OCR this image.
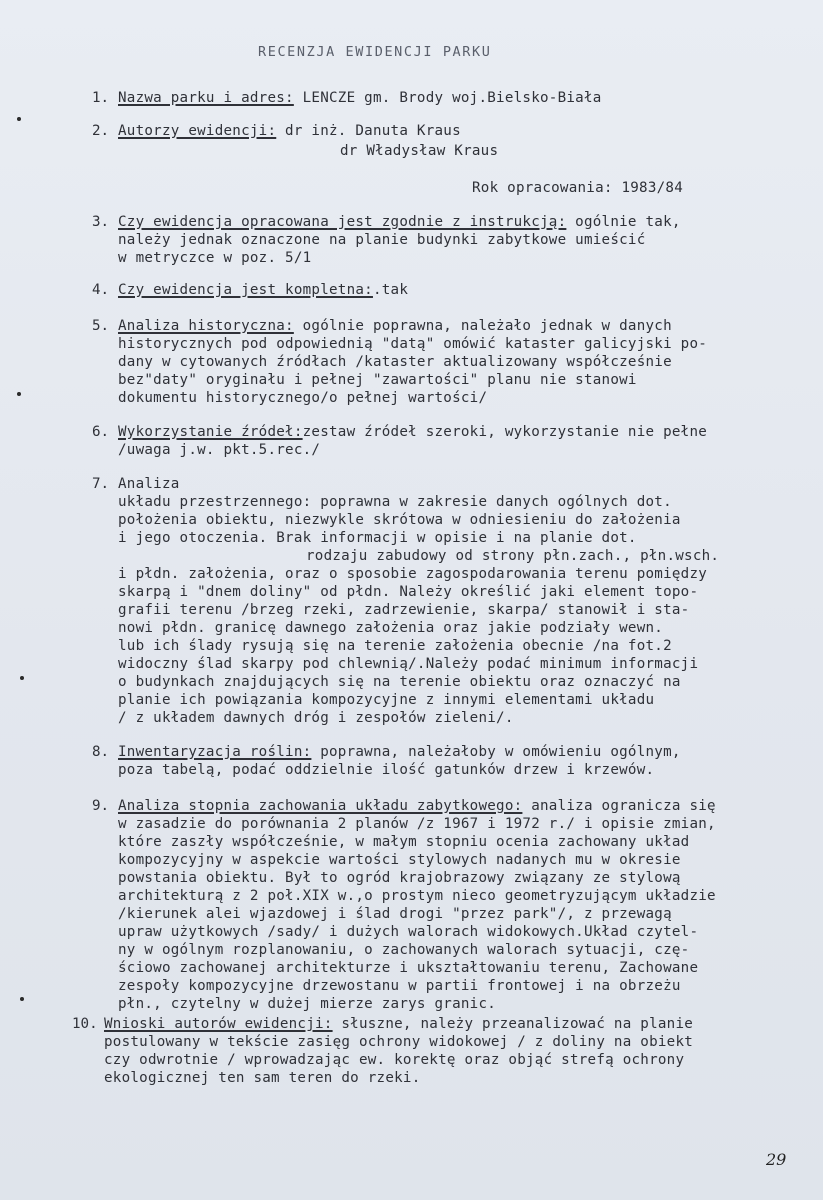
RECENZJA EWIDENCJI PARKU
1. Nazwa parku i adres: LENCZE gm. Brody woj.Bielsko-Biała
2. Autorzy ewidencji: dr inż. Danuta Kraus
dr Władysław Kraus
Rok opracowania: 1983/84
3. Czy ewidencja opracowana jest zgodnie z instrukcją: ogólnie tak,
należy jednak oznaczone na planie budynki zabytkowe umieścić
w metryczce w poz. 5/1
4. Czy ewidencja jest kompletna:.tak
5. Analiza historyczna: ogólnie poprawna, należało jednak w danych
historycznych pod odpowiednią "datą" omówić kataster galicyjski po-
dany w cytowanych źródłach /kataster aktualizowany współcześnie
bez"daty" oryginału i pełnej "zawartości" planu nie stanowi
dokumentu historycznego/o pełnej wartości/
6. Wykorzystanie źródeł:zestaw źródeł szeroki, wykorzystanie nie pełne
/uwaga j.w. pkt.5.rec./
7. Analiza
układu przestrzennego: poprawna w zakresie danych ogólnych dot.
położenia obiektu, niezwykle skrótowa w odniesieniu do założenia
i jego otoczenia. Brak informacji w opisie i na planie dot.
rodzaju zabudowy od strony płn.zach., płn.wsch.
i płdn. założenia, oraz o sposobie zagospodarowania terenu pomiędzy
skarpą i "dnem doliny" od płdn. Należy określić jaki element topo-
grafii terenu /brzeg rzeki, zadrzewienie, skarpa/ stanowił i sta-
nowi płdn. granicę dawnego założenia oraz jakie podziały wewn.
lub ich ślady rysują się na terenie założenia obecnie /na fot.2
widoczny ślad skarpy pod chlewnią/.Należy podać minimum informacji
o budynkach znajdujących się na terenie obiektu oraz oznaczyć na
planie ich powiązania kompozycyjne z innymi elementami układu
/ z układem dawnych dróg i zespołów zieleni/.
8. Inwentaryzacja roślin: poprawna, należałoby w omówieniu ogólnym,
poza tabelą, podać oddzielnie ilość gatunków drzew i krzewów.
9. Analiza stopnia zachowania układu zabytkowego: analiza ogranicza się
w zasadzie do porównania 2 planów /z 1967 i 1972 r./ i opisie zmian,
które zaszły współcześnie, w małym stopniu ocenia zachowany układ
kompozycyjny w aspekcie wartości stylowych nadanych mu w okresie
powstania obiektu. Był to ogród krajobrazowy związany ze stylową
architekturą z 2 poł.XIX w.,o prostym nieco geometryzującym układzie
/kierunek alei wjazdowej i ślad drogi "przez park"/, z przewagą
upraw użytkowych /sady/ i dużych walorach widokowych.Układ czytel-
ny w ogólnym rozplanowaniu, o zachowanych walorach sytuacji, czę-
ściowo zachowanej architekturze i ukształtowaniu terenu, Zachowane
zespoły kompozycyjne drzewostanu w partii frontowej i na obrzeżu
płn., czytelny w dużej mierze zarys granic.
10. Wnioski autorów ewidencji: słuszne, należy przeanalizować na planie
postulowany w tekście zasięg ochrony widokowej / z doliny na obiekt
czy odwrotnie / wprowadzając ew. korektę oraz objąć strefą ochrony
ekologicznej ten sam teren do rzeki.
29
